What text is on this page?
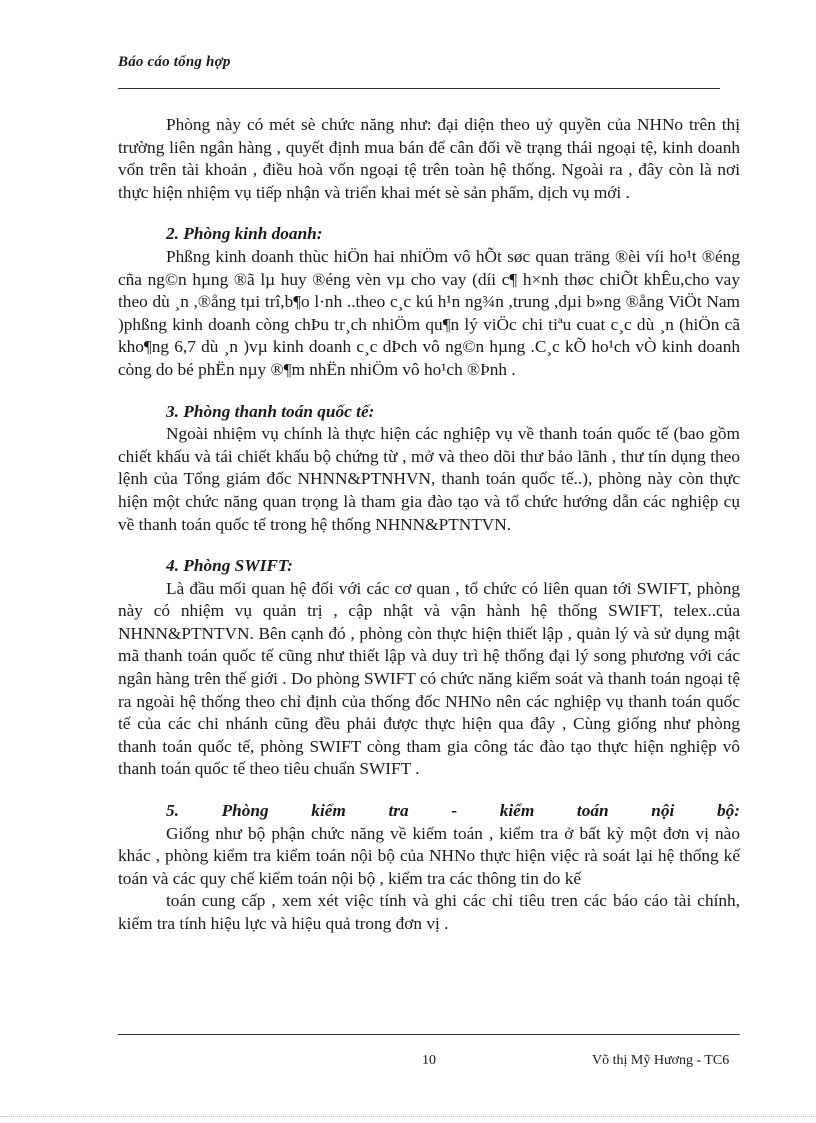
Báo cáo tổng hợp

Phòng này có mét sè chức năng như: đại diện theo uỷ quyền của NHNo trên thị trường liên ngân hàng , quyết định mua bán để cân đối về trạng thái ngoại tệ, kinh doanh vốn trên tài khoản , điều hoà vốn ngoại tệ trên toàn hệ thống. Ngoài ra , đây còn là nơi thực hiện nhiệm vụ tiếp nhận và triển khai mét sè sản phẩm, dịch vụ mới .

2. Phòng kinh doanh:

Phßng kinh doanh thùc hiÖn hai nhiÖm vô hÕt søc quan träng ®èi víi ho¹t ®éng cña ng©n hµng ®ã lµ huy ®éng vèn vµ cho vay (díi c¶ h×nh thøc chiÕt khÊu,cho vay theo dù ¸n ,®ång tµi trî,b¶o l·nh ..theo c¸c kú h¹n ng¾n ,trung ,dµi b»ng ®ång ViÖt Nam )phßng kinh doanh còng chÞu tr¸ch nhiÖm qu¶n lý viÖc chi tiªu cuat c¸c dù ¸n (hiÖn cã kho¶ng 6,7 dù ¸n )vµ kinh doanh c¸c dÞch vô ng©n hµng .C¸c kÕ ho¹ch vÒ kinh doanh còng do bé phËn nµy ®¶m nhËn nhiÖm vô ho¹ch ®Þnh .

3. Phòng thanh toán quốc tế:

Ngoài nhiệm vụ chính là thực hiện các nghiệp vụ về thanh toán quốc tế (bao gồm chiết khấu và tái chiết khấu bộ chứng từ , mở và theo dõi thư bảo lãnh , thư tín dụng theo lệnh của Tổng giám đốc NHNN&PTNHVN, thanh toán quốc tế..), phòng này còn thực hiện một chức năng quan trọng là tham gia đào tạo và tổ chức hướng dẫn các nghiệp cụ về thanh toán quốc tế trong hệ thống NHNN&PTNTVN.

4. Phòng SWIFT:

Là đầu mối quan hệ đối với các cơ quan , tổ chức có liên quan tới SWIFT, phòng này có nhiệm vụ quản trị , cập nhật và vận hành hệ thống SWIFT, telex..của NHNN&PTNTVN. Bên cạnh đó , phòng còn thực hiện thiết lập , quản lý và sử dụng mật mã thanh toán quốc tế cũng như thiết lập và duy trì hệ thống đại lý song phương với các ngân hàng trên thế giới . Do phòng SWIFT có chức năng kiểm soát và thanh toán ngoại tệ ra ngoài hệ thống theo chỉ định của thống đốc NHNo nên các nghiệp vụ thanh toán quốc tế của các chi nhánh cũng đều phải được thực hiện qua đây , Cùng giống như phòng thanh toán quốc tế, phòng SWIFT còng tham gia công tác đào tạo thực hiện nghiệp vô thanh toán quốc tế theo tiêu chuẩn SWIFT .

5. Phòng kiểm tra - kiểm toán nội bộ:

Giống như bộ phận chức năng về kiểm toán , kiểm tra ở bất kỳ một đơn vị nào khác , phòng kiểm tra kiểm toán nội bộ của NHNo thực hiện việc rà soát lại hệ thống kế toán và các quy chế kiểm toán nội bộ , kiểm tra các thông tin do kế

toán cung cấp , xem xét việc tính và ghi các chỉ tiêu tren các báo cáo tài chính, kiểm tra tính hiệu lực và hiệu quả trong đơn vị .

10	Võ thị Mỹ Hương - TC6
